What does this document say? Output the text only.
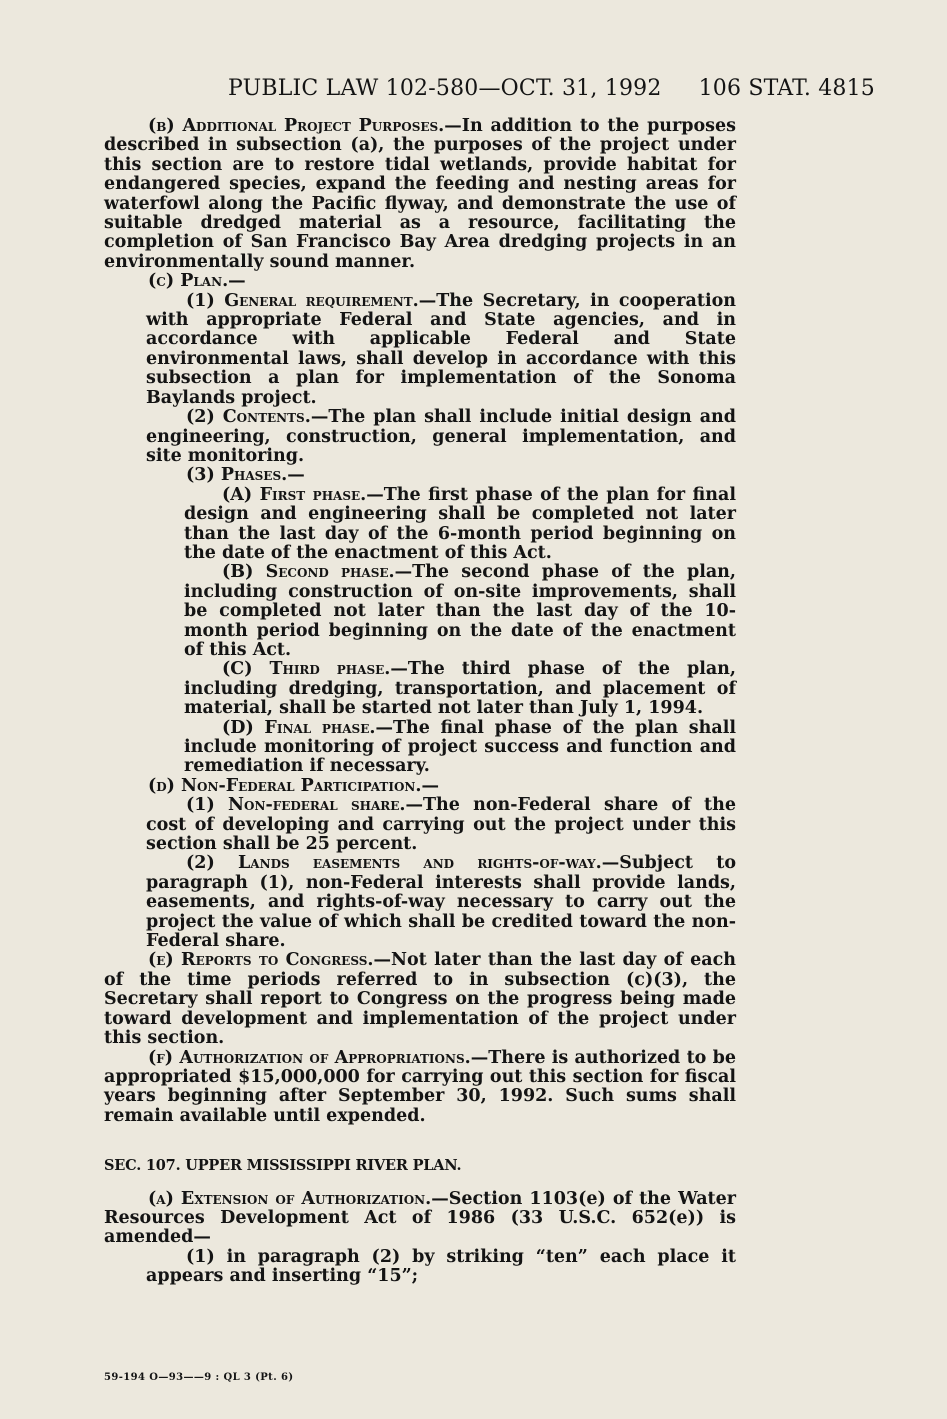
PUBLIC LAW 102-580—OCT. 31, 1992 106 STAT. 4815

(b) Additional Project Purposes.—In addition to the purposes described in subsection (a), the purposes of the project under this section are to restore tidal wetlands, provide habitat for endangered species, expand the feeding and nesting areas for waterfowl along the Pacific flyway, and demonstrate the use of suitable dredged material as a resource, facilitating the completion of San Francisco Bay Area dredging projects in an environmentally sound manner.

(c) Plan.—

(1) General requirement.—The Secretary, in cooperation with appropriate Federal and State agencies, and in accordance with applicable Federal and State environmental laws, shall develop in accordance with this subsection a plan for implementation of the Sonoma Baylands project.

(2) Contents.—The plan shall include initial design and engineering, construction, general implementation, and site monitoring.

(3) Phases.—

(A) First phase.—The first phase of the plan for final design and engineering shall be completed not later than the last day of the 6-month period beginning on the date of the enactment of this Act.

(B) Second phase.—The second phase of the plan, including construction of on-site improvements, shall be completed not later than the last day of the 10-month period beginning on the date of the enactment of this Act.

(C) Third phase.—The third phase of the plan, including dredging, transportation, and placement of material, shall be started not later than July 1, 1994.

(D) Final phase.—The final phase of the plan shall include monitoring of project success and function and remediation if necessary.

(d) Non-Federal Participation.—

(1) Non-federal share.—The non-Federal share of the cost of developing and carrying out the project under this section shall be 25 percent.

(2) Lands easements and rights-of-way.—Subject to paragraph (1), non-Federal interests shall provide lands, easements, and rights-of-way necessary to carry out the project the value of which shall be credited toward the non-Federal share.

(e) Reports to Congress.—Not later than the last day of each of the time periods referred to in subsection (c)(3), the Secretary shall report to Congress on the progress being made toward development and implementation of the project under this section.

(f) Authorization of Appropriations.—There is authorized to be appropriated $15,000,000 for carrying out this section for fiscal years beginning after September 30, 1992. Such sums shall remain available until expended.

SEC. 107. UPPER MISSISSIPPI RIVER PLAN.

(a) Extension of Authorization.—Section 1103(e) of the Water Resources Development Act of 1986 (33 U.S.C. 652(e)) is amended—

(1) in paragraph (2) by striking “ten” each place it appears and inserting “15”;

59-194 O—93——9 : QL 3 (Pt. 6)
